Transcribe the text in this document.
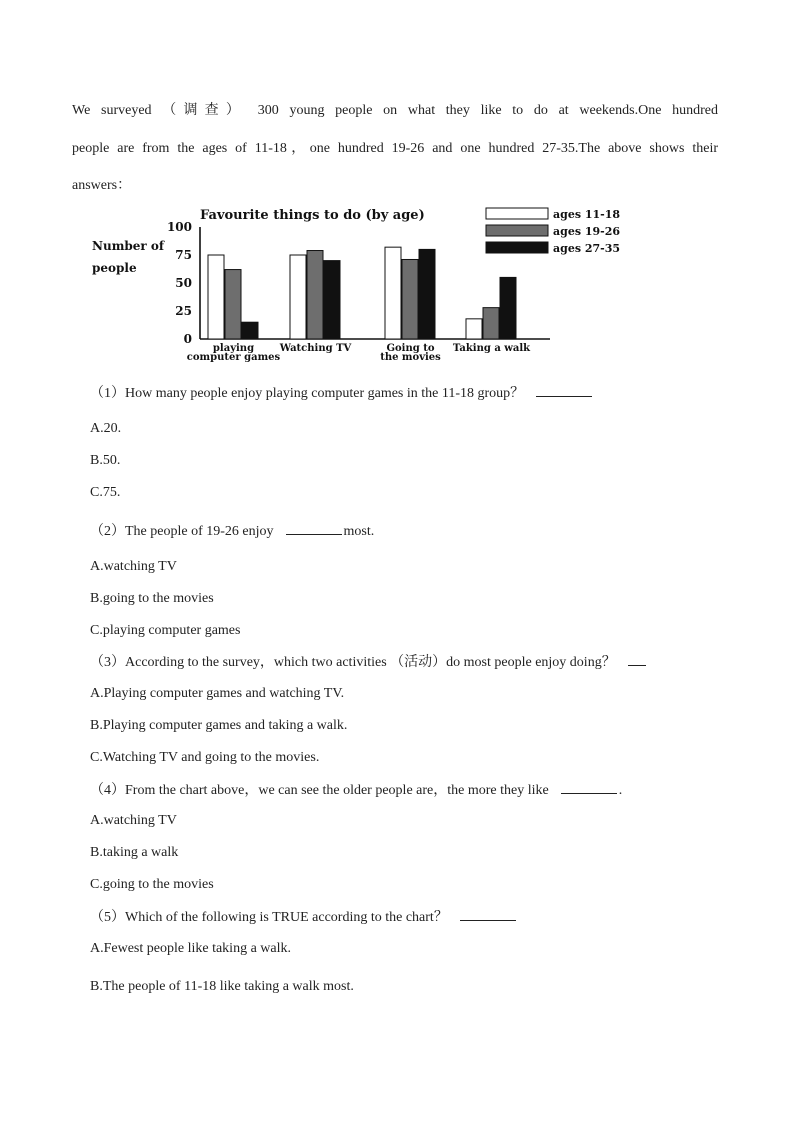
We surveyed （调查） 300 young people on what they like to do at weekends.One hundred
people are from the ages of 11-18，one hundred 19-26 and one hundred 27-35.The above shows their
answers：
Favourite things to do (by age)
Number of
people
100
75
50
25
0
playing
computer games
Watching TV	Going to
the movies
Taking a walk
ages 11-18
ages 19-26
ages 27-35
（1）How many people enjoy playing computer games in the 11-18 group？
A.20.
B.50.
C.75.
（2）The people of 19-26 enjoy	most.
A.watching TV
B.going to the movies
C.playing computer games
（3）According to the survey，which two activities （活动）do most people enjoy doing？
A.Playing computer games and watching TV.
B.Playing computer games and taking a walk.
C.Watching TV and going to the movies.
（4）From the chart above，we can see the older people are，the more they like	.
A.watching TV
B.taking a walk
C.going to the movies
（5）Which of the following is TRUE according to the chart？
A.Fewest people like taking a walk.
B.The people of 11-18 like taking a walk most.
